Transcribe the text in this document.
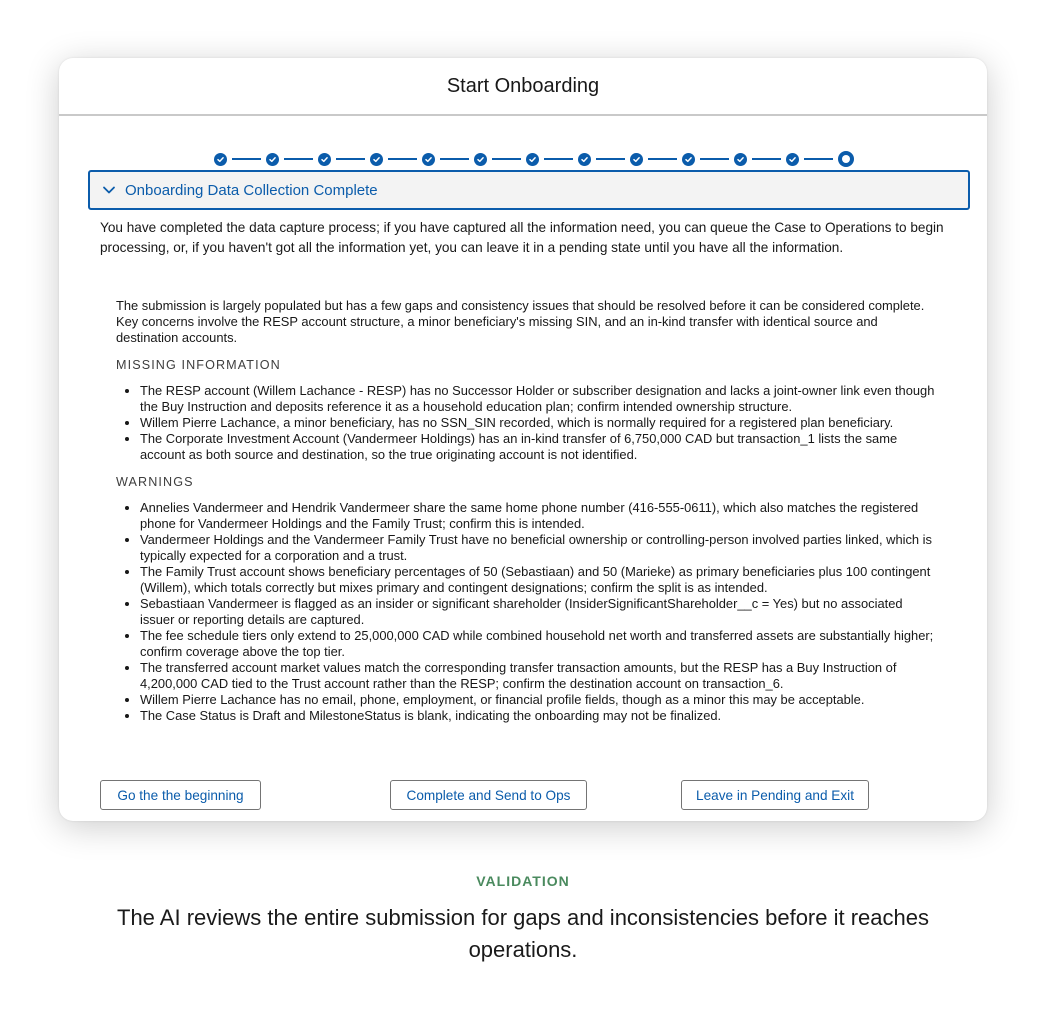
Start Onboarding
Onboarding Data Collection Complete
You have completed the data capture process; if you have captured all the information need, you can queue the Case to Operations to begin processing, or, if you haven't got all the information yet, you can leave it in a pending state until you have all the information.

The submission is largely populated but has a few gaps and consistency issues that should be resolved before it can be considered complete. Key concerns involve the RESP account structure, a minor beneficiary's missing SIN, and an in-kind transfer with identical source and destination accounts.

MISSING INFORMATION
• The RESP account (Willem Lachance - RESP) has no Successor Holder or subscriber designation and lacks a joint-owner link even though the Buy Instruction and deposits reference it as a household education plan; confirm intended ownership structure.
• Willem Pierre Lachance, a minor beneficiary, has no SSN_SIN recorded, which is normally required for a registered plan beneficiary.
• The Corporate Investment Account (Vandermeer Holdings) has an in-kind transfer of 6,750,000 CAD but transaction_1 lists the same account as both source and destination, so the true originating account is not identified.
WARNINGS
• Annelies Vandermeer and Hendrik Vandermeer share the same home phone number (416-555-0611), which also matches the registered phone for Vandermeer Holdings and the Family Trust; confirm this is intended.
• Vandermeer Holdings and the Vandermeer Family Trust have no beneficial ownership or controlling-person involved parties linked, which is typically expected for a corporation and a trust.
• The Family Trust account shows beneficiary percentages of 50 (Sebastiaan) and 50 (Marieke) as primary beneficiaries plus 100 contingent (Willem), which totals correctly but mixes primary and contingent designations; confirm the split is as intended.
• Sebastiaan Vandermeer is flagged as an insider or significant shareholder (InsiderSignificantShareholder__c = Yes) but no associated issuer or reporting details are captured.
• The fee schedule tiers only extend to 25,000,000 CAD while combined household net worth and transferred assets are substantially higher; confirm coverage above the top tier.
• The transferred account market values match the corresponding transfer transaction amounts, but the RESP has a Buy Instruction of 4,200,000 CAD tied to the Trust account rather than the RESP; confirm the destination account on transaction_6.
• Willem Pierre Lachance has no email, phone, employment, or financial profile fields, though as a minor this may be acceptable.
• The Case Status is Draft and MilestoneStatus is blank, indicating the onboarding may not be finalized.
Go the the beginning	Complete and Send to Ops	Leave in Pending and Exit
VALIDATION
The AI reviews the entire submission for gaps and inconsistencies before it reaches operations.
